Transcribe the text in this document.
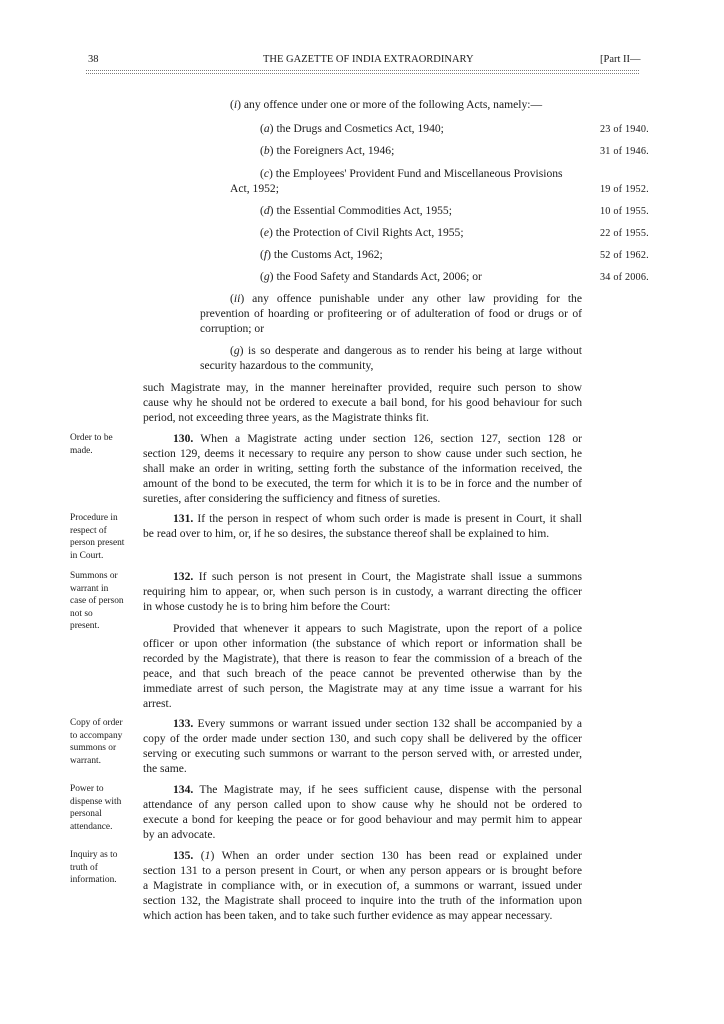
38	THE GAZETTE OF INDIA EXTRAORDINARY	[Part II—
(i) any offence under one or more of the following Acts, namely:—
(a) the Drugs and Cosmetics Act, 1940;	23 of 1940.
(b) the Foreigners Act, 1946;	31 of 1946.
(c) the Employees' Provident Fund and Miscellaneous Provisions
Act, 1952;	19 of 1952.
(d) the Essential Commodities Act, 1955;	10 of 1955.
(e) the Protection of Civil Rights Act, 1955;	22 of 1955.
(f) the Customs Act, 1962;	52 of 1962.
(g) the Food Safety and Standards Act, 2006; or	34 of 2006.
(ii) any offence punishable under any other law providing for the
prevention of hoarding or profiteering or of adulteration of food or drugs or of
corruption; or
(g) is so desperate and dangerous as to render his being at large without
security hazardous to the community,
such Magistrate may, in the manner hereinafter provided, require such person to show
cause why he should not be ordered to execute a bail bond, for his good behaviour for such
period, not exceeding three years, as the Magistrate thinks fit.
Order to be
made.
130. When a Magistrate acting under section 126, section 127, section 128 or
section 129, deems it necessary to require any person to show cause under such section, he
shall make an order in writing, setting forth the substance of the information received, the
amount of the bond to be executed, the term for which it is to be in force and the number of
sureties, after considering the sufficiency and fitness of sureties.
Procedure in
respect of
person present
in Court.
131. If the person in respect of whom such order is made is present in Court, it shall
be read over to him, or, if he so desires, the substance thereof shall be explained to him.
Summons or
warrant in
case of person
not so
present.
132. If such person is not present in Court, the Magistrate shall issue a summons
requiring him to appear, or, when such person is in custody, a warrant directing the officer
in whose custody he is to bring him before the Court:
Provided that whenever it appears to such Magistrate, upon the report of a police
officer or upon other information (the substance of which report or information shall be
recorded by the Magistrate), that there is reason to fear the commission of a breach of the
peace, and that such breach of the peace cannot be prevented otherwise than by the
immediate arrest of such person, the Magistrate may at any time issue a warrant for his
arrest.
Copy of order
to accompany
summons or
warrant.
133. Every summons or warrant issued under section 132 shall be accompanied by a
copy of the order made under section 130, and such copy shall be delivered by the officer
serving or executing such summons or warrant to the person served with, or arrested under,
the same.
Power to
dispense with
personal
attendance.
134. The Magistrate may, if he sees sufficient cause, dispense with the personal
attendance of any person called upon to show cause why he should not be ordered to
execute a bond for keeping the peace or for good behaviour and may permit him to appear
by an advocate.
Inquiry as to
truth of
information.
135. (1) When an order under section 130 has been read or explained under
section 131 to a person present in Court, or when any person appears or is brought before
a Magistrate in compliance with, or in execution of, a summons or warrant, issued under
section 132, the Magistrate shall proceed to inquire into the truth of the information upon
which action has been taken, and to take such further evidence as may appear necessary.
